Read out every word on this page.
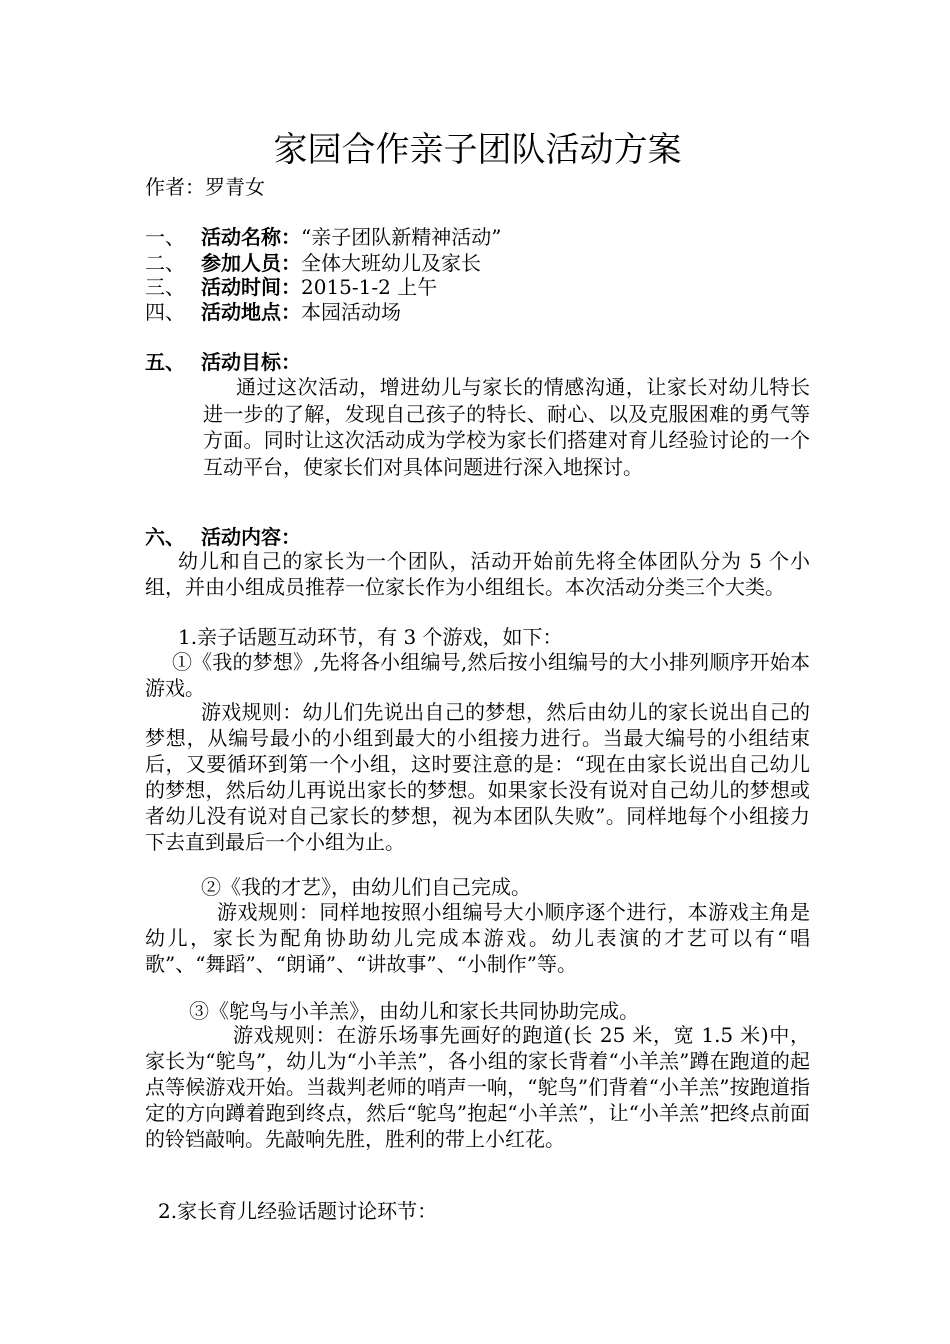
家园合作亲子团队活动方案
作者：罗青女
一、 活动名称：“亲子团队新精神活动”
二、 参加人员：全体大班幼儿及家长
三、 活动时间：2015-1-2 上午
四、 活动地点：本园活动场
五、 活动目标：
通过这次活动，增进幼儿与家长的情感沟通，让家长对幼儿特长进一步的了解，发现自己孩子的特长、耐心、以及克服困难的勇气等方面。同时让这次活动成为学校为家长们搭建对育儿经验讨论的一个互动平台，使家长们对具体问题进行深入地探讨。
六、 活动内容：
幼儿和自己的家长为一个团队，活动开始前先将全体团队分为 5 个小组，并由小组成员推荐一位家长作为小组组长。本次活动分类三个大类。
1.亲子话题互动环节，有 3 个游戏，如下：
①《我的梦想》,先将各小组编号,然后按小组编号的大小排列顺序开始本游戏。
游戏规则：幼儿们先说出自己的梦想，然后由幼儿的家长说出自己的梦想，从编号最小的小组到最大的小组接力进行。当最大编号的小组结束后，又要循环到第一个小组，这时要注意的是：“现在由家长说出自己幼儿的梦想，然后幼儿再说出家长的梦想。如果家长没有说对自己幼儿的梦想或者幼儿没有说对自己家长的梦想，视为本团队失败”。同样地每个小组接力下去直到最后一个小组为止。
②《我的才艺》，由幼儿们自己完成。
游戏规则：同样地按照小组编号大小顺序逐个进行，本游戏主角是幼儿，家长为配角协助幼儿完成本游戏。幼儿表演的才艺可以有“唱歌”、“舞蹈”、“朗诵”、“讲故事”、“小制作”等。
③《鸵鸟与小羊羔》，由幼儿和家长共同协助完成。
游戏规则：在游乐场事先画好的跑道(长 25 米，宽 1.5 米)中，家长为“鸵鸟”，幼儿为“小羊羔”，各小组的家长背着“小羊羔”蹲在跑道的起点等候游戏开始。当裁判老师的哨声一响，“鸵鸟”们背着“小羊羔”按跑道指定的方向蹲着跑到终点，然后“鸵鸟”抱起“小羊羔”，让“小羊羔”把终点前面的铃铛敲响。先敲响先胜，胜利的带上小红花。
2.家长育儿经验话题讨论环节：
